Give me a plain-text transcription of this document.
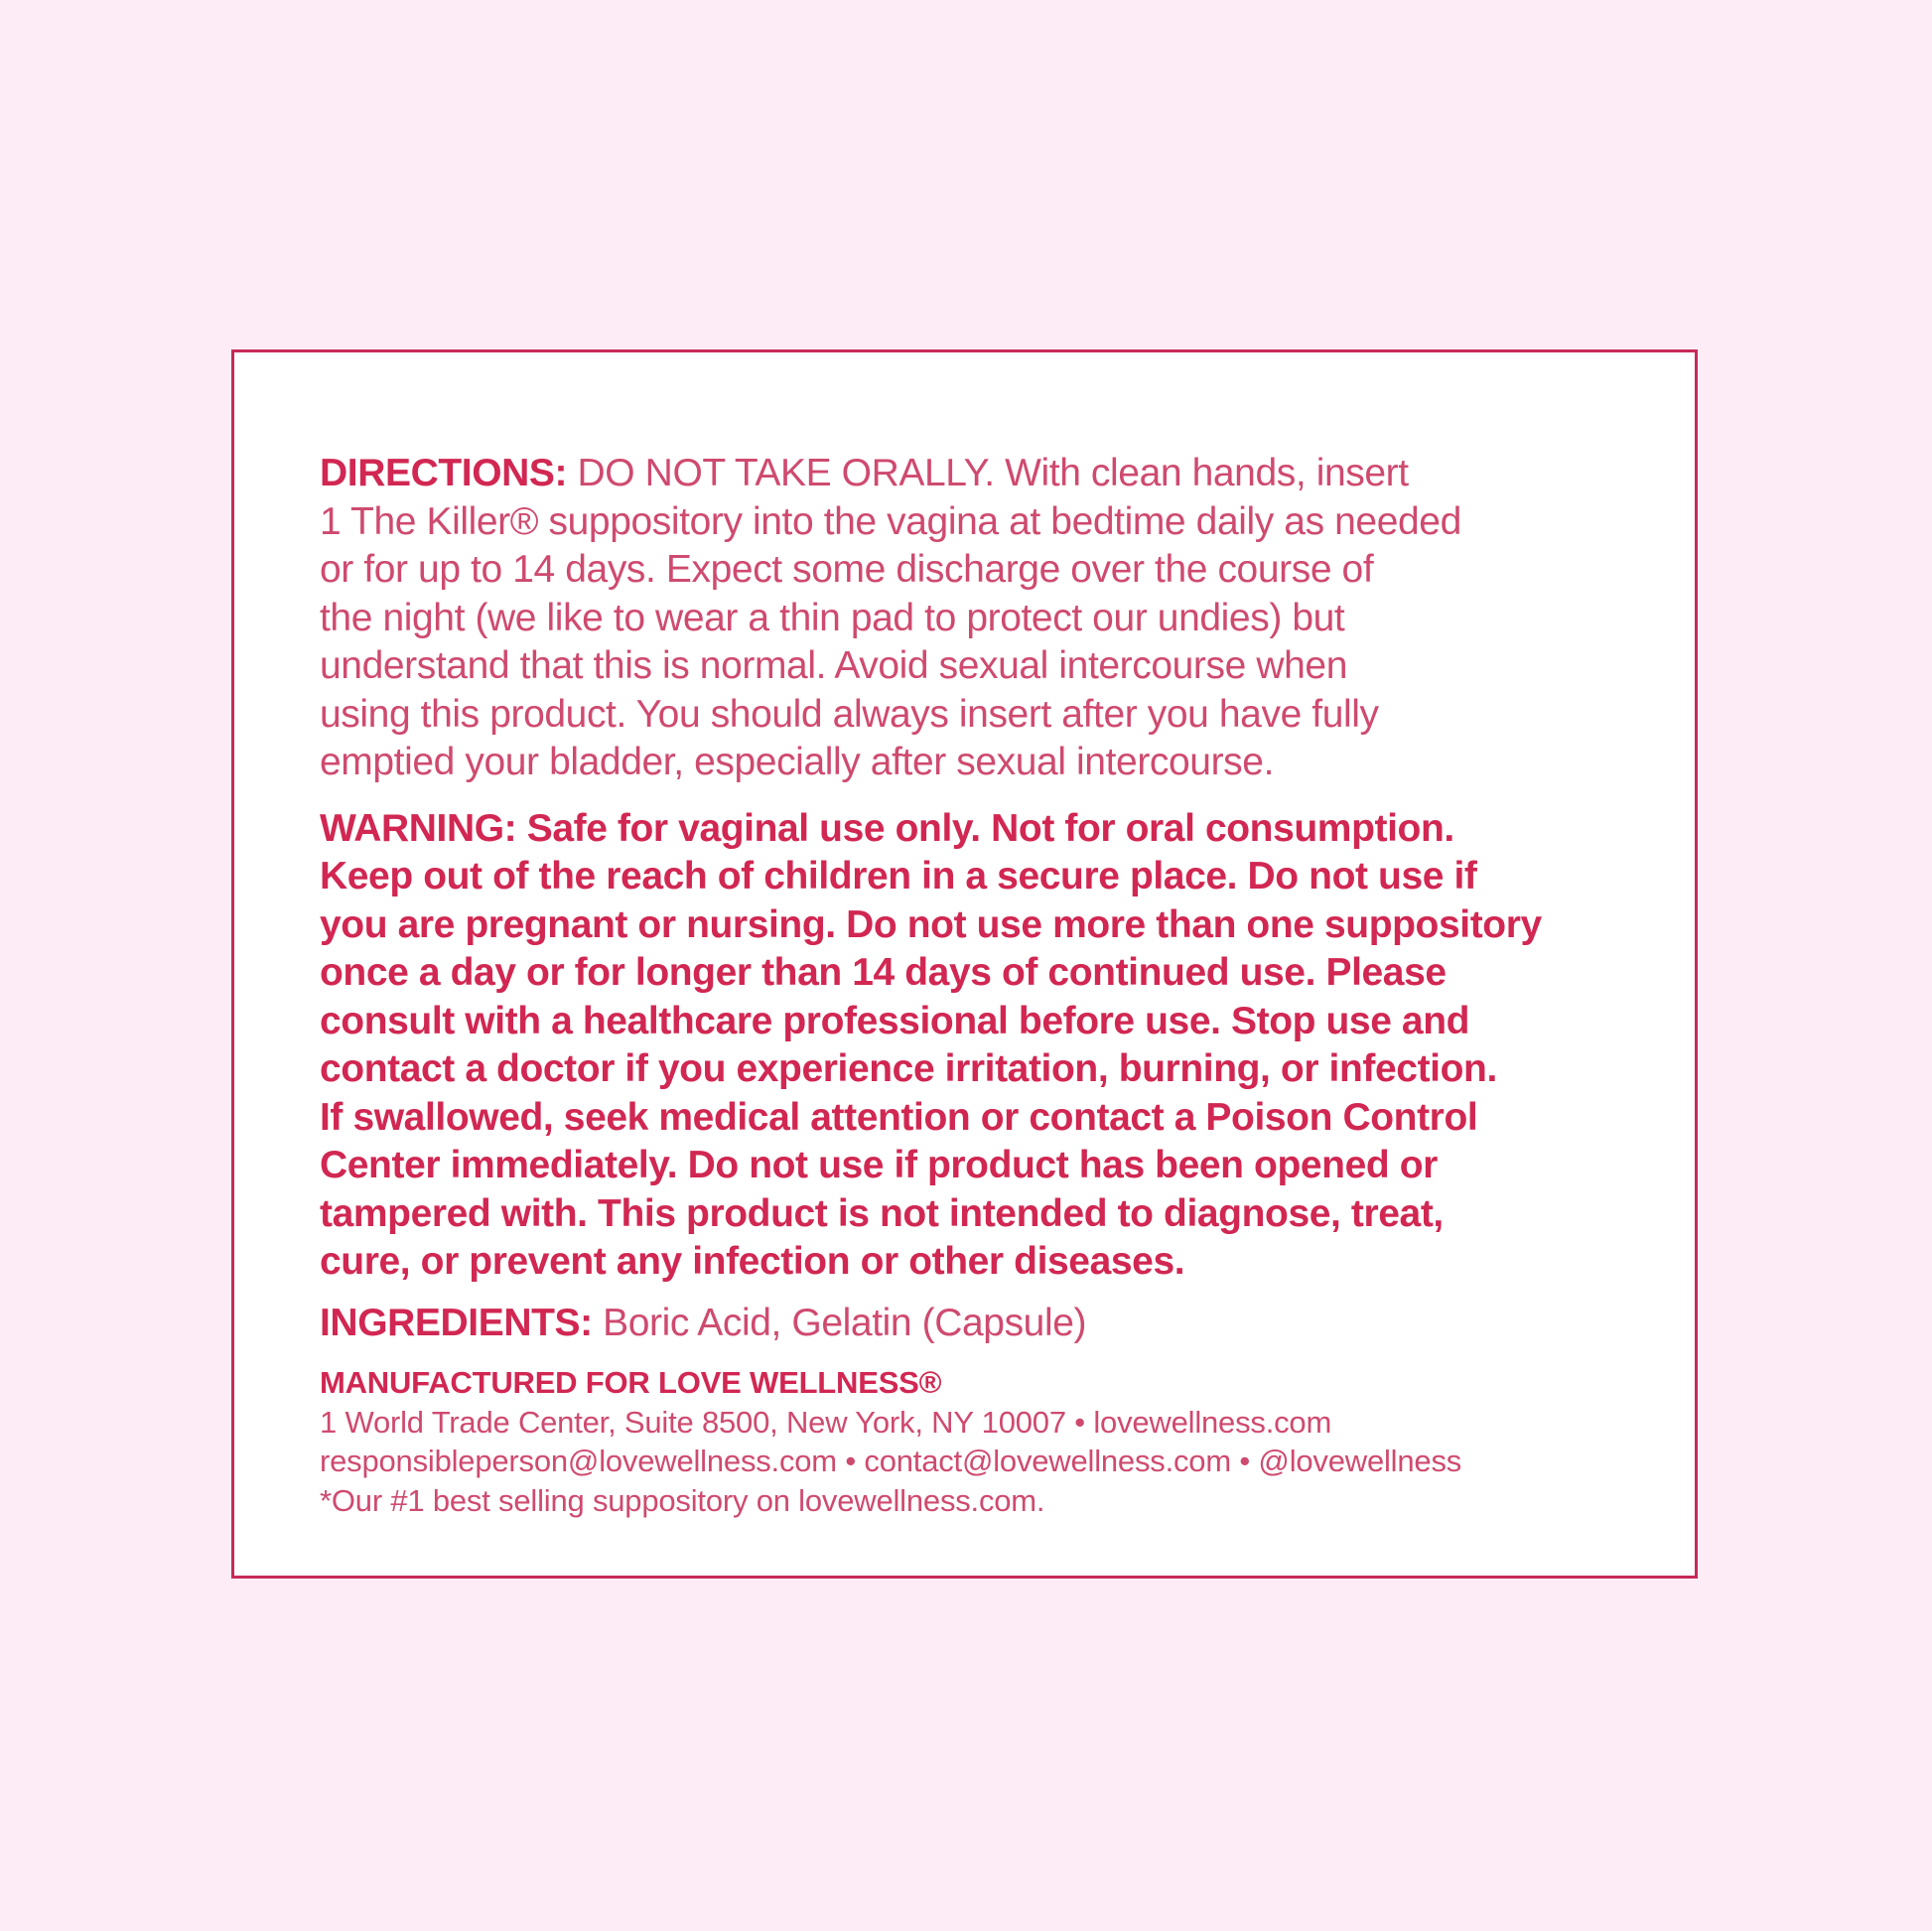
DIRECTIONS: DO NOT TAKE ORALLY. With clean hands, insert
1 The Killer® suppository into the vagina at bedtime daily as needed
or for up to 14 days. Expect some discharge over the course of
the night (we like to wear a thin pad to protect our undies) but
understand that this is normal. Avoid sexual intercourse when
using this product. You should always insert after you have fully
emptied your bladder, especially after sexual intercourse.

WARNING: Safe for vaginal use only. Not for oral consumption.
Keep out of the reach of children in a secure place. Do not use if
you are pregnant or nursing. Do not use more than one suppository
once a day or for longer than 14 days of continued use. Please
consult with a healthcare professional before use. Stop use and
contact a doctor if you experience irritation, burning, or infection.
If swallowed, seek medical attention or contact a Poison Control
Center immediately. Do not use if product has been opened or
tampered with. This product is not intended to diagnose, treat,
cure, or prevent any infection or other diseases.

INGREDIENTS: Boric Acid, Gelatin (Capsule)

MANUFACTURED FOR LOVE WELLNESS®
1 World Trade Center, Suite 8500, New York, NY 10007 • lovewellness.com
responsibleperson@lovewellness.com • contact@lovewellness.com • @lovewellness
*Our #1 best selling suppository on lovewellness.com.
